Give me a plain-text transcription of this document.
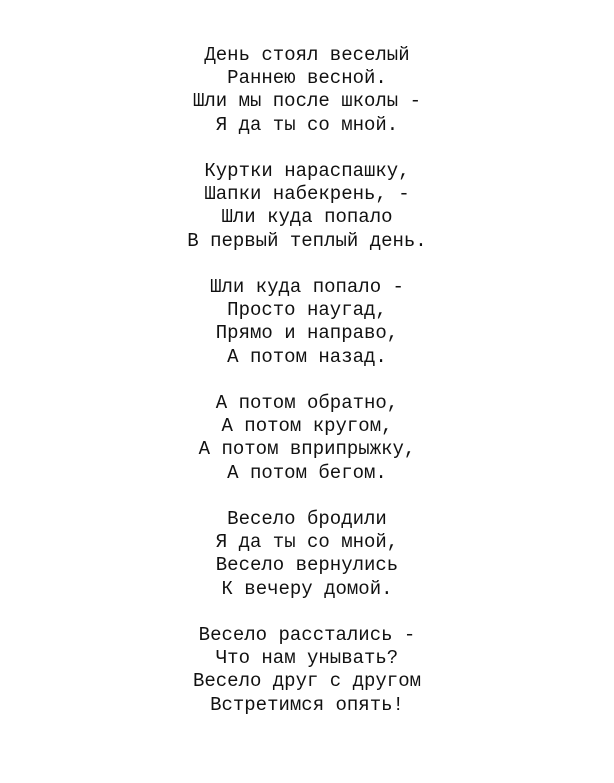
День стоял веселый
Раннею весной.
Шли мы после школы -
Я да ты со мной.
Куртки нараспашку,
Шапки набекрень, -
Шли куда попало
В первый теплый день.
Шли куда попало -
Просто наугад,
Прямо и направо,
А потом назад.
А потом обратно,
А потом кругом,
А потом вприпрыжку,
А потом бегом.
Весело бродили
Я да ты со мной,
Весело вернулись
К вечеру домой.
Весело расстались -
Что нам унывать?
Весело друг с другом
Встретимся опять!
